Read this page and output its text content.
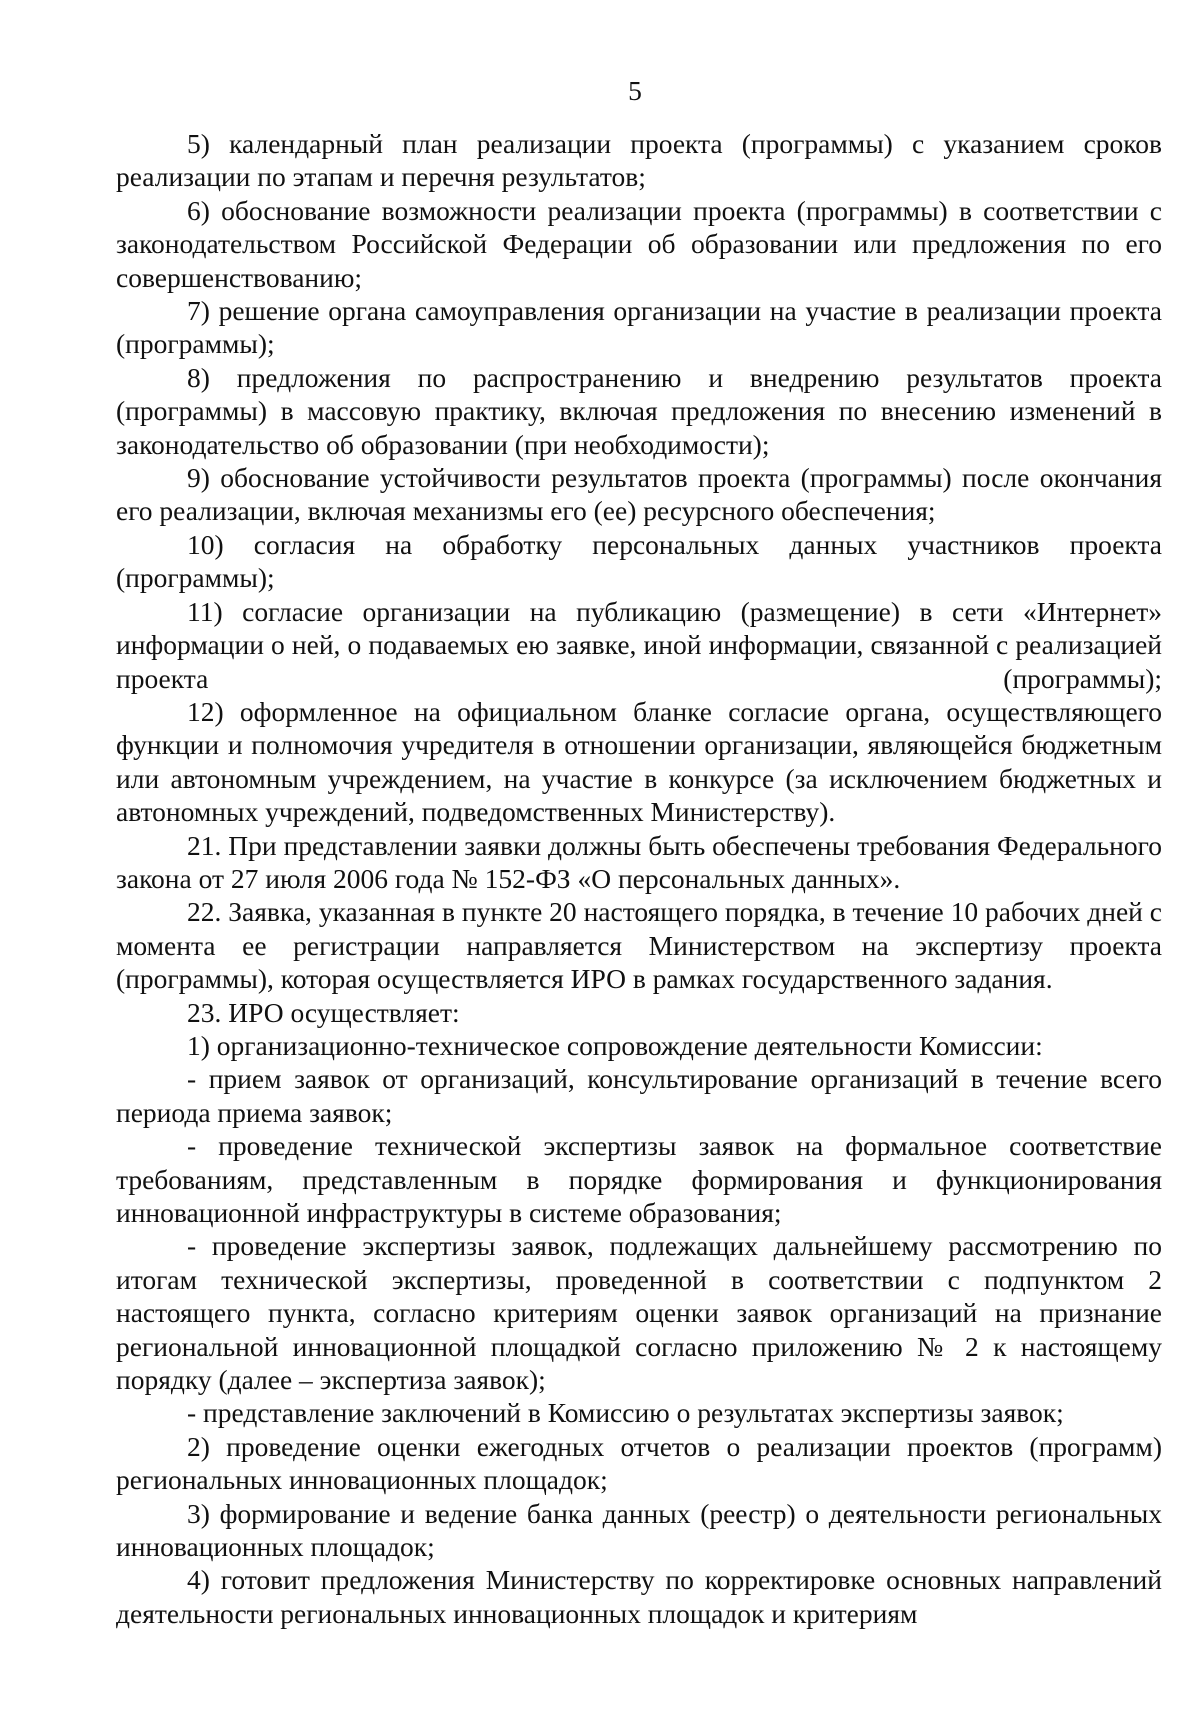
5

5) календарный план реализации проекта (программы) с указанием сроков реализации по этапам и перечня результатов;

6) обоснование возможности реализации проекта (программы) в соответствии с законодательством Российской Федерации об образовании или предложения по его совершенствованию;

7) решение органа самоуправления организации на участие в реализации проекта (программы);

8) предложения по распространению и внедрению результатов проекта (программы) в массовую практику, включая предложения по внесению изменений в законодательство об образовании (при необходимости);

9) обоснование устойчивости результатов проекта (программы) после окончания его реализации, включая механизмы его (ее) ресурсного обеспечения;

10) согласия на обработку персональных данных участников проекта (программы);

11) согласие организации на публикацию (размещение) в сети «Интернет» информации о ней, о подаваемых ею заявке, иной информации, связанной с реализацией проекта (программы);

12) оформленное на официальном бланке согласие органа, осуществляющего функции и полномочия учредителя в отношении организации, являющейся бюджетным или автономным учреждением, на участие в конкурсе (за исключением бюджетных и автономных учреждений, подведомственных Министерству).

21. При представлении заявки должны быть обеспечены требования Федерального закона от 27 июля 2006 года № 152-ФЗ «О персональных данных».

22. Заявка, указанная в пункте 20 настоящего порядка, в течение 10 рабочих дней с момента ее регистрации направляется Министерством на экспертизу проекта (программы), которая осуществляется ИРО в рамках государственного задания.

23. ИРО осуществляет:

1) организационно-техническое сопровождение деятельности Комиссии:

- прием заявок от организаций, консультирование организаций в течение всего периода приема заявок;

- проведение технической экспертизы заявок на формальное соответствие требованиям, представленным в порядке формирования и функционирования инновационной инфраструктуры в системе образования;

- проведение экспертизы заявок, подлежащих дальнейшему рассмотрению по итогам технической экспертизы, проведенной в соответствии с подпунктом 2 настоящего пункта, согласно критериям оценки заявок организаций на признание региональной инновационной площадкой согласно приложению № 2 к настоящему порядку (далее – экспертиза заявок);

- представление заключений в Комиссию о результатах экспертизы заявок;

2) проведение оценки ежегодных отчетов о реализации проектов (программ) региональных инновационных площадок;

3) формирование и ведение банка данных (реестр) о деятельности региональных инновационных площадок;

4) готовит предложения Министерству по корректировке основных направлений деятельности региональных инновационных площадок и критериям
